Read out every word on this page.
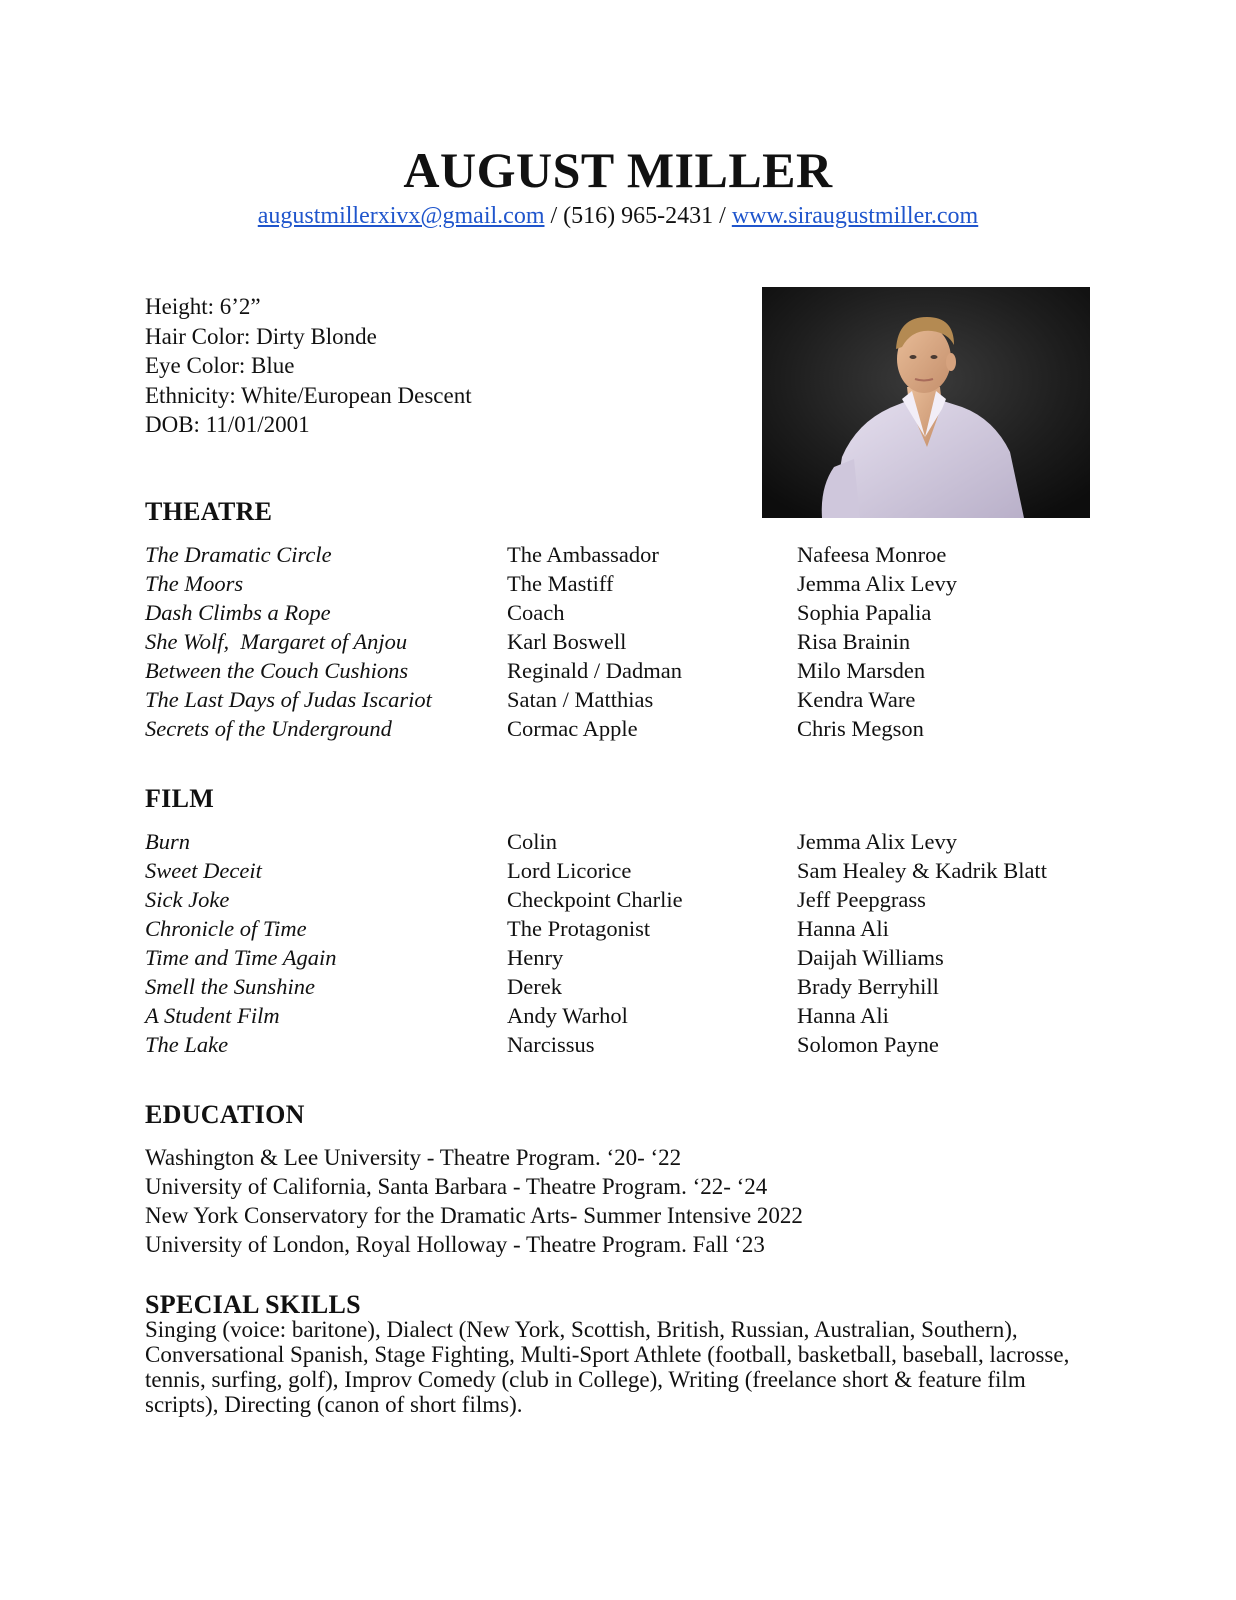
AUGUST MILLER
augustmillerxivx@gmail.com / (516) 965-2431 / www.siraugustmiller.com
Height: 6’2”
Hair Color: Dirty Blonde
Eye Color: Blue
Ethnicity: White/European Descent
DOB: 11/01/2001
THEATRE
The Dramatic Circle	The Ambassador	Nafeesa Monroe
The Moors	The Mastiff	Jemma Alix Levy
Dash Climbs a Rope	Coach	Sophia Papalia
She Wolf,  Margaret of Anjou	Karl Boswell	Risa Brainin
Between the Couch Cushions	Reginald / Dadman	Milo Marsden
The Last Days of Judas Iscariot	Satan / Matthias	Kendra Ware
Secrets of the Underground	Cormac Apple	Chris Megson
FILM
Burn	Colin	Jemma Alix Levy
Sweet Deceit	Lord Licorice	Sam Healey & Kadrik Blatt
Sick Joke	Checkpoint Charlie	Jeff Peepgrass
Chronicle of Time	The Protagonist	Hanna Ali
Time and Time Again	Henry	Daijah Williams
Smell the Sunshine	Derek	Brady Berryhill
A Student Film	Andy Warhol	Hanna Ali
The Lake	Narcissus	Solomon Payne
EDUCATION
Washington & Lee University - Theatre Program. ‘20- ‘22
University of California, Santa Barbara - Theatre Program. ‘22- ‘24
New York Conservatory for the Dramatic Arts- Summer Intensive 2022
University of London, Royal Holloway - Theatre Program. Fall ‘23
SPECIAL SKILLS
Singing (voice: baritone), Dialect (New York, Scottish, British, Russian, Australian, Southern), Conversational Spanish, Stage Fighting, Multi-Sport Athlete (football, basketball, baseball, lacrosse, tennis, surfing, golf), Improv Comedy (club in College), Writing (freelance short & feature film scripts), Directing (canon of short films).
